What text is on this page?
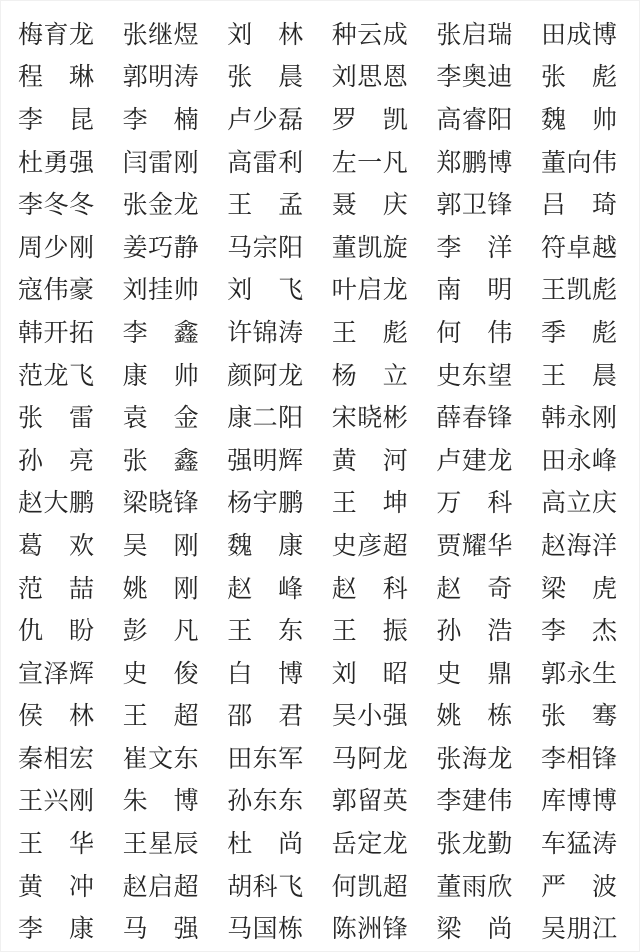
梅 育 龙 张 继 煜 刘 林 种 云 成 张 启 瑞 田 成 博
程 琳 郭 明 涛 张 晨 刘 思 恩 李 奥 迪 张 彪
李 昆 李 楠 卢 少 磊 罗 凯 高 睿 阳 魏 帅
杜 勇 强 闫 雷 刚 高 雷 利 左 一 凡 郑 鹏 博 董 向 伟
李 冬 冬 张 金 龙 王 孟 聂 庆 郭 卫 锋 吕 琦
周 少 刚 姜 巧 静 马 宗 阳 董 凯 旋 李 洋 符 卓 越
寇 伟 豪 刘 挂 帅 刘 飞 叶 启 龙 南 明 王 凯 彪
韩 开 拓 李 鑫 许 锦 涛 王 彪 何 伟 季 彪
范 龙 飞 康 帅 颜 阿 龙 杨 立 史 东 望 王 晨
张 雷 袁 金 康 二 阳 宋 晓 彬 薛 春 锋 韩 永 刚
孙 亮 张 鑫 强 明 辉 黄 河 卢 建 龙 田 永 峰
赵 大 鹏 梁 晓 锋 杨 宇 鹏 王 坤 万 科 高 立 庆
葛 欢 吴 刚 魏 康 史 彦 超 贾 耀 华 赵 海 洋
范 喆 姚 刚 赵 峰 赵 科 赵 奇 梁 虎
仇 盼 彭 凡 王 东 王 振 孙 浩 李 杰
宣 泽 辉 史 俊 白 博 刘 昭 史 鼎 郭 永 生
侯 林 王 超 邵 君 吴 小 强 姚 栋 张 骞
秦 相 宏 崔 文 东 田 东 军 马 阿 龙 张 海 龙 李 相 锋
王 兴 刚 朱 博 孙 东 东 郭 留 英 李 建 伟 库 博 博
王 华 王 星 辰 杜 尚 岳 定 龙 张 龙 勤 车 猛 涛
黄 冲 赵 启 超 胡 科 飞 何 凯 超 董 雨 欣 严 波
李 康 马 强 马 国 栋 陈 洲 锋 梁 尚 吴 朋 江
